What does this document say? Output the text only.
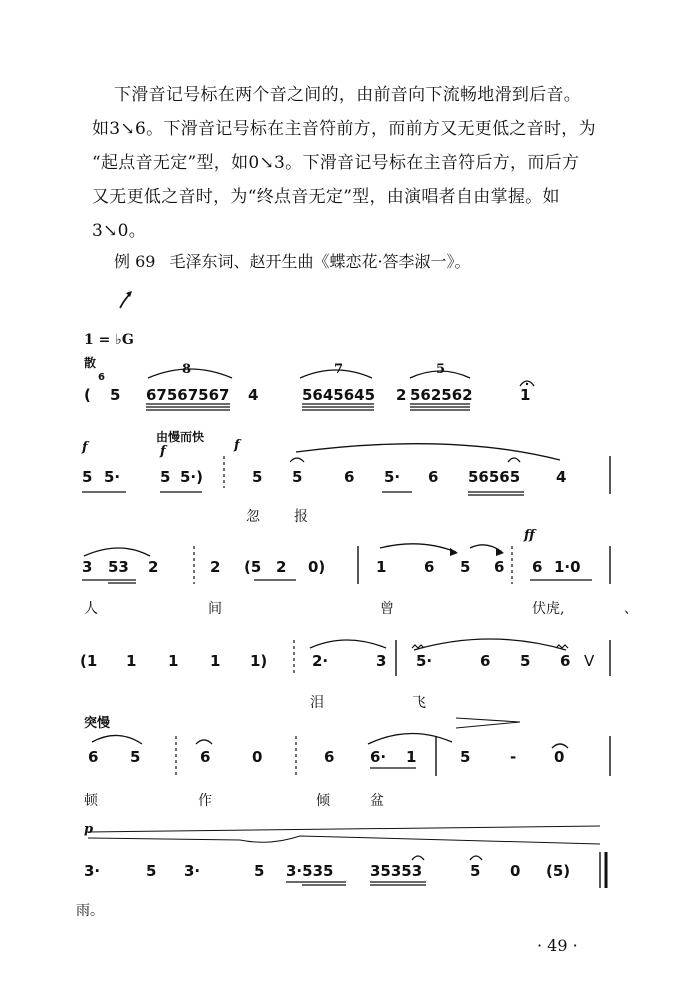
下滑音记号标在两个音之间的，由前音向下流畅地滑到后音。
如3↘6。下滑音记号标在主音符前方，而前方又无更低之音时，为
“起点音无定”型，如0↘3。下滑音记号标在主音符后方，而后方
又无更低之音时，为“终点音无定”型，由演唱者自由掌握。如
3↘0。
例 69 毛泽东词、赵开生曲《蝶恋花·答李淑一》。
1 = ♭G
散	8	7	5
(
6
5 67567567 4	5645645 2 562562	1
f
由慢而快
f	f
5 5·	5 5·)	5 5	6 5· 6 56565 4
忽 报
ff
3 53 2	2 (5 2 0)	1	6 5 6 6 1·0
人	间	曾	伏虎,	、
(1 1 1 1 1)	2·	3 5·	6 5 6 V
泪	飞
突慢
6 5	6	0	6 6· 1	5	-	0
顿	作	倾	盆
p
3·	5 3·	5 3·535 35353	5 0 (5)
雨。
· 49 ·
